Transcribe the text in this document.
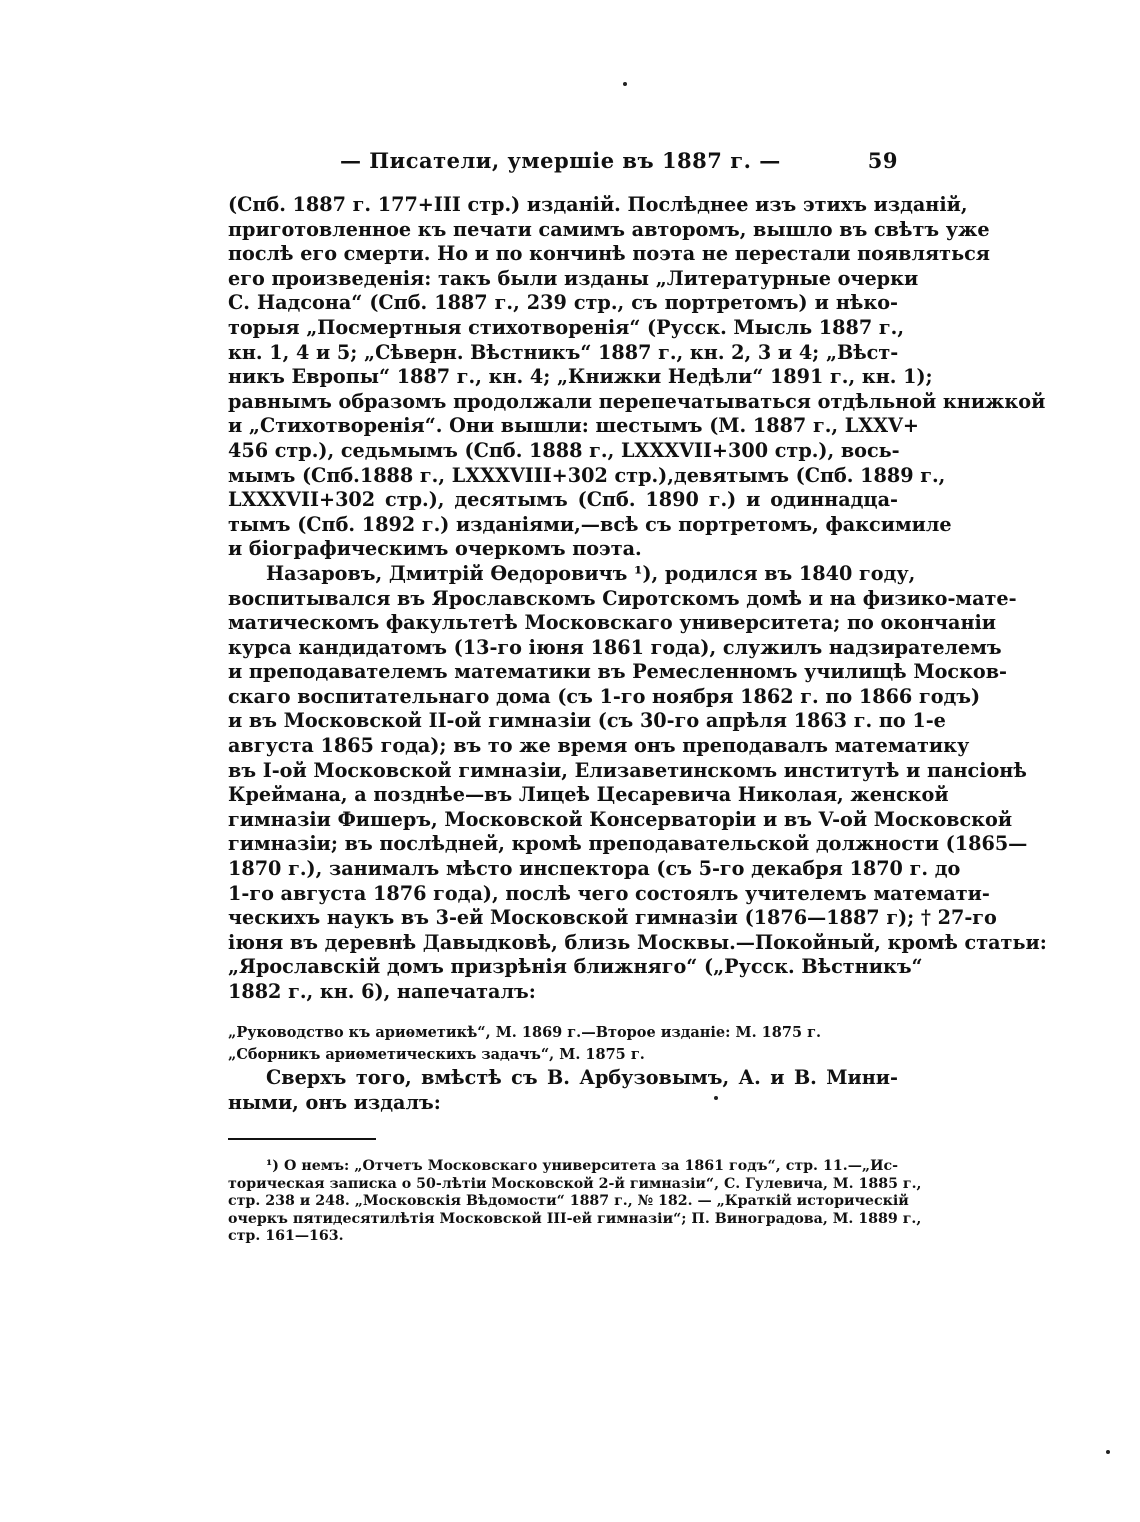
— Писатели, умершіе въ 1887 г. —	59
(Спб. 1887 г. 177+III стр.) изданій. Послѣднее изъ этихъ изданій,
приготовленное къ печати самимъ авторомъ, вышло въ свѣтъ уже
послѣ его смерти. Но и по кончинѣ поэта не перестали появляться
его произведенія: такъ были изданы „Литературные очерки
С. Надсона“ (Спб. 1887 г., 239 стр., съ портретомъ) и нѣко-
торыя „Посмертныя стихотворенія“ (Русск. Мысль 1887 г.,
кн. 1, 4 и 5; „Сѣверн. Вѣстникъ“ 1887 г., кн. 2, 3 и 4; „Вѣст-
никъ Европы“ 1887 г., кн. 4; „Книжки Недѣли“ 1891 г., кн. 1);
равнымъ образомъ продолжали перепечатываться отдѣльной книжкой
и „Стихотворенія“. Они вышли: шестымъ (М. 1887 г., LXXV+
456 стр.), седьмымъ (Спб. 1888 г., LXXXVII+300 стр.), вось-
мымъ (Спб.1888 г., LXXXVIII+302 стр.),девятымъ (Спб. 1889 г.,
LXXXVII+302 стр.), десятымъ (Спб. 1890 г.) и одиннадца-
тымъ (Спб. 1892 г.) изданіями,—всѣ съ портретомъ, факсимиле
и біографическимъ очеркомъ поэта.
Назаровъ, Дмитрій Ѳедоровичъ ¹), родился въ 1840 году,
воспитывался въ Ярославскомъ Сиротскомъ домѣ и на физико-мате-
матическомъ факультетѣ Московскаго университета; по окончаніи
курса кандидатомъ (13-го іюня 1861 года), служилъ надзирателемъ
и преподавателемъ математики въ Ремесленномъ училищѣ Москов-
скаго воспитательнаго дома (съ 1-го ноября 1862 г. по 1866 годъ)
и въ Московской II-ой гимназіи (съ 30-го апрѣля 1863 г. по 1-е
августа 1865 года); въ то же время онъ преподавалъ математику
въ I-ой Московской гимназіи, Елизаветинскомъ институтѣ и пансіонѣ
Креймана, а позднѣе—въ Лицеѣ Цесаревича Николая, женской
гимназіи Фишеръ, Московской Консерваторіи и въ V-ой Московской
гимназіи; въ послѣдней, кромѣ преподавательской должности (1865—
1870 г.), занималъ мѣсто инспектора (съ 5-го декабря 1870 г. до
1-го августа 1876 года), послѣ чего состоялъ учителемъ математи-
ческихъ наукъ въ 3-ей Московской гимназіи (1876—1887 г); † 27-го
іюня въ деревнѣ Давыдковѣ, близь Москвы.—Покойный, кромѣ статьи:
„Ярославскій домъ призрѣнія ближняго“ („Русск. Вѣстникъ“
1882 г., кн. 6), напечаталъ:
„Руководство къ ариѳметикѣ“, М. 1869 г.—Второе изданіе: М. 1875 г.
„Сборникъ ариѳметическихъ задачъ“, М. 1875 г.
Сверхъ того, вмѣстѣ съ В. Арбузовымъ, А. и В. Мини-
ными, онъ издалъ:
¹) О немъ: „Отчетъ Московскаго университета за 1861 годъ“, стр. 11.—„Ис-
торическая записка о 50-лѣтіи Московской 2-й гимназіи“, С. Гулевича, М. 1885 г.,
стр. 238 и 248. „Московскія Вѣдомости“ 1887 г., № 182. — „Краткій историческій
очеркъ пятидесятилѣтія Московской III-ей гимназіи“; П. Виноградова, М. 1889 г.,
стр. 161—163.
